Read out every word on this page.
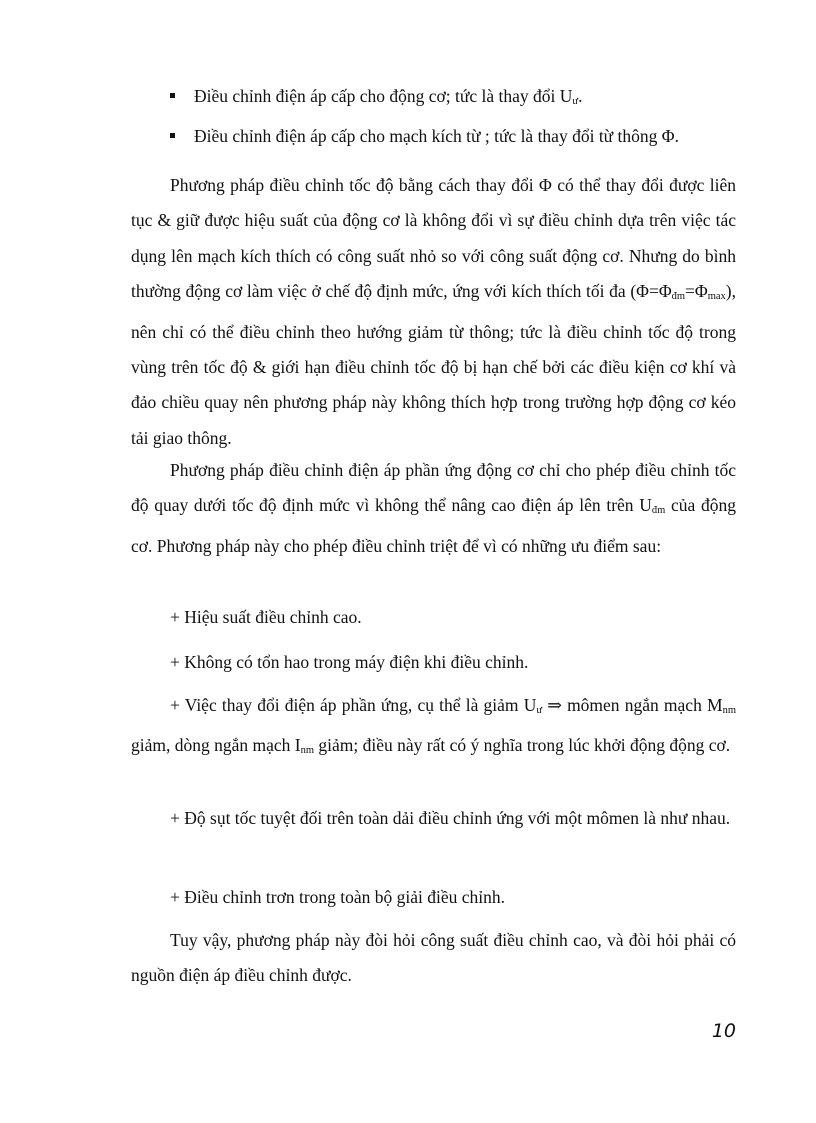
Điều chỉnh điện áp cấp cho động cơ; tức là thay đổi Uư.
Điều chỉnh điện áp cấp cho mạch kích từ ; tức là thay đổi từ thông Φ.

Phương pháp điều chỉnh tốc độ bằng cách thay đổi Φ có thể thay đổi được liên tục & giữ được hiệu suất của động cơ là không đổi vì sự điều chỉnh dựa trên việc tác dụng lên mạch kích thích có công suất nhỏ so với công suất động cơ. Nhưng do bình thường động cơ làm việc ở chế độ định mức, ứng với kích thích tối đa (Φ=Φđm=Φmax), nên chỉ có thể điều chỉnh theo hướng giảm từ thông; tức là điều chỉnh tốc độ trong vùng trên tốc độ & giới hạn điều chỉnh tốc độ bị hạn chế bởi các điều kiện cơ khí và đảo chiều quay nên phương pháp này không thích hợp trong trường hợp động cơ kéo tải giao thông.

Phương pháp điều chỉnh điện áp phần ứng động cơ chỉ cho phép điều chỉnh tốc độ quay dưới tốc độ định mức vì không thể nâng cao điện áp lên trên Uđm của động cơ. Phương pháp này cho phép điều chỉnh triệt để vì có những ưu điểm sau:

+ Hiệu suất điều chỉnh cao.

+ Không có tổn hao trong máy điện khi điều chỉnh.

+ Việc thay đổi điện áp phần ứng, cụ thể là giảm Uư ⇒ mômen ngắn mạch Mnm giảm, dòng ngắn mạch Inm giảm; điều này rất có ý nghĩa trong lúc khởi động động cơ.

+ Độ sụt tốc tuyệt đối trên toàn dải điều chỉnh ứng với một mômen là như nhau.

+ Điều chỉnh trơn trong toàn bộ giải điều chỉnh.

Tuy vậy, phương pháp này đòi hỏi công suất điều chỉnh cao, và đòi hỏi phải có nguồn điện áp điều chỉnh được.

10
